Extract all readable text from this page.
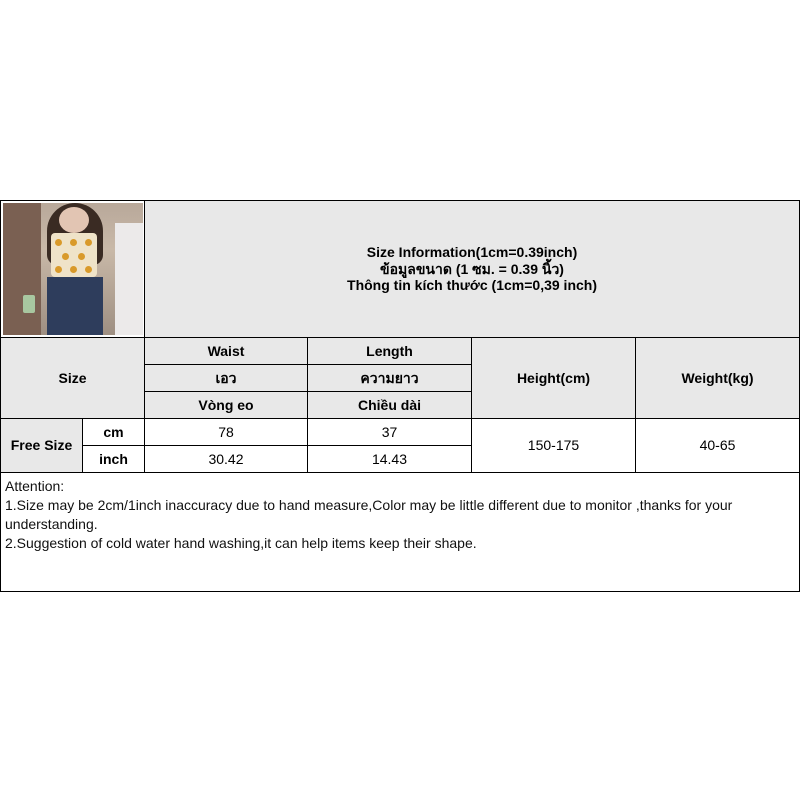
		Size Information(1cm=0.39inch)
ข้อมูลขนาด (1 ซม. = 0.39 นิ้ว)
Thông tin kích thước (1cm=0,39 inch)			

Size		Waist	Length	Height(cm)	Weight(kg)
		เอว	ความยาว		
		Vòng eo	Chiều dài		
Free Size	cm	78	37	150-175	40-65
	inch	30.42	14.43		

Attention:
1.Size may be 2cm/1inch inaccuracy due to hand measure,Color may be little different due to monitor ,thanks for your understanding.
2.Suggestion of cold water hand washing,it can help items keep their shape.					
